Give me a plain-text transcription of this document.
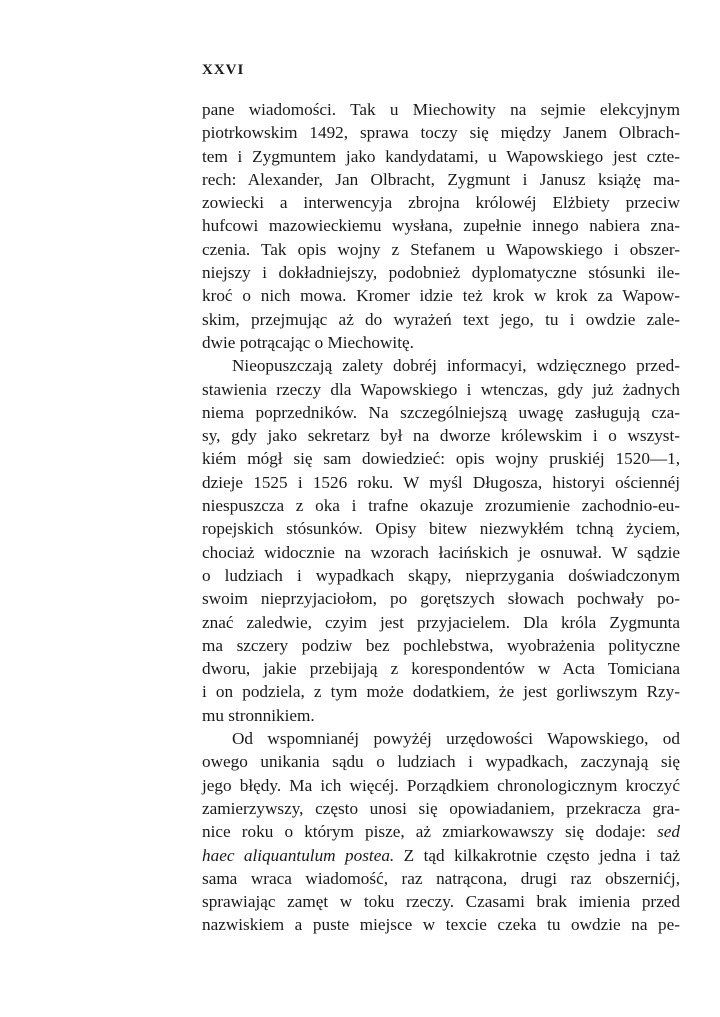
XXVI
pane wiadomości. Tak u Miechowity na sejmie elekcyjnym
piotrkowskim 1492, sprawa toczy się między Janem Olbrach-
tem i Zygmuntem jako kandydatami, u Wapowskiego jest czte-
rech: Alexander, Jan Olbracht, Zygmunt i Janusz książę ma-
zowiecki a interwencyja zbrojna królowéj Elżbiety przeciw
hufcowi mazowieckiemu wysłana, zupełnie innego nabiera zna-
czenia. Tak opis wojny z Stefanem u Wapowskiego i obszer-
niejszy i dokładniejszy, podobnież dyplomatyczne stósunki ile-
kroć o nich mowa. Kromer idzie też krok w krok za Wapow-
skim, przejmując aż do wyrażeń text jego, tu i owdzie zale-
dwie potrącając o Miechowitę.
Nieopuszczają zalety dobréj informacyi, wdzięcznego przed-
stawienia rzeczy dla Wapowskiego i wtenczas, gdy już żadnych
niema poprzedników. Na szczególniejszą uwagę zasługują cza-
sy, gdy jako sekretarz był na dworze królewskim i o wszyst-
kiém mógł się sam dowiedzieć: opis wojny pruskiéj 1520—1,
dzieje 1525 i 1526 roku. W myśl Długosza, historyi ościennéj
niespuszcza z oka i trafne okazuje zrozumienie zachodnio-eu-
ropejskich stósunków. Opisy bitew niezwykłém tchną życiem,
chociaż widocznie na wzorach łacińskich je osnuwał. W sądzie
o ludziach i wypadkach skąpy, nieprzygania doświadczonym
swoim nieprzyjaciołom, po gorętszych słowach pochwały po-
znać zaledwie, czyim jest przyjacielem. Dla króla Zygmunta
ma szczery podziw bez pochlebstwa, wyobrażenia polityczne
dworu, jakie przebijają z korespondentów w Acta Tomiciana
i on podziela, z tym może dodatkiem, że jest gorliwszym Rzy-
mu stronnikiem.
Od wspomnianéj powyżéj urzędowości Wapowskiego, od
owego unikania sądu o ludziach i wypadkach, zaczynają się
jego błędy. Ma ich więcéj. Porządkiem chronologicznym kroczyć
zamierzywszy, często unosi się opowiadaniem, przekracza gra-
nice roku o którym pisze, aż zmiarkowawszy się dodaje: sed
haec aliquantulum postea. Z tąd kilkakrotnie często jedna i taż
sama wraca wiadomość, raz natrącona, drugi raz obszernićj,
sprawiając zamęt w toku rzeczy. Czasami brak imienia przed
nazwiskiem a puste miejsce w texcie czeka tu owdzie na pe-
